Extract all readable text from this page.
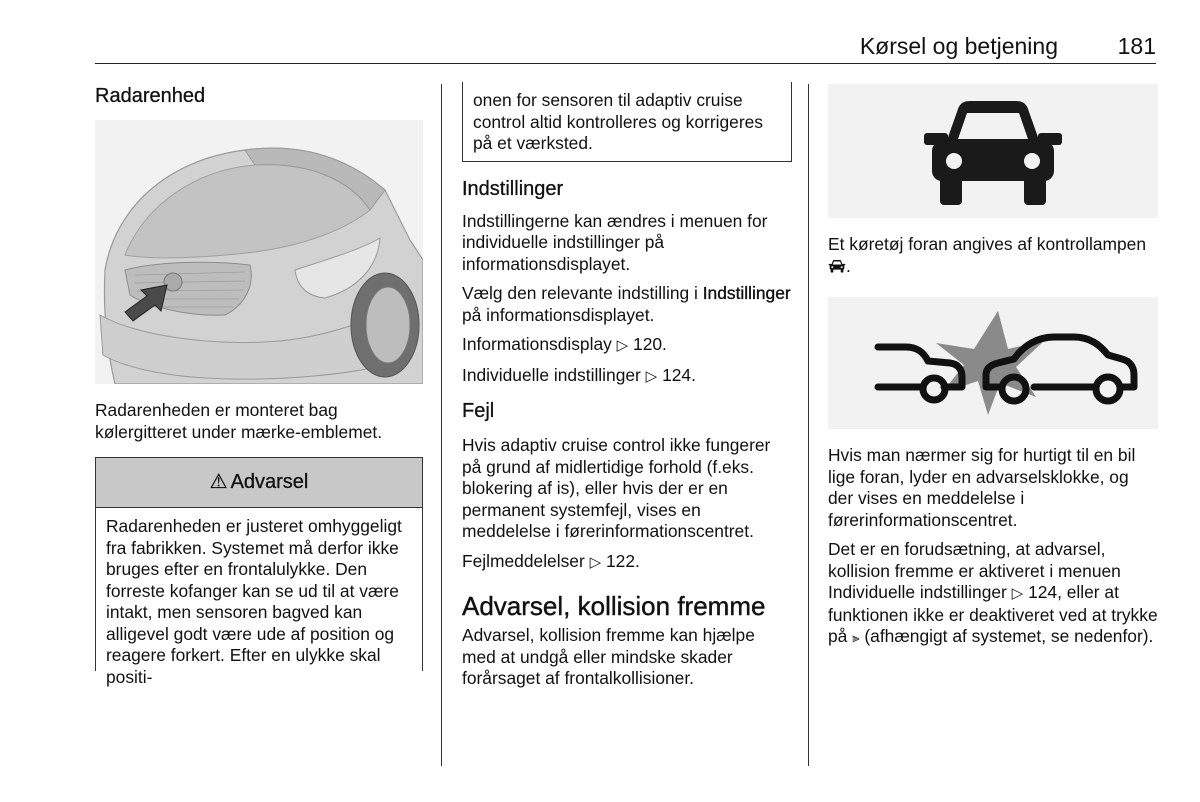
Kørsel og betjening	181
Radarenhed

Radarenheden er monteret bag kølergitteret under mærke-emblemet.

⚠ Advarsel
Radarenheden er justeret omhyggeligt fra fabrikken. Systemet må derfor ikke bruges efter en frontalulykke. Den forreste kofanger kan se ud til at være intakt, men sensoren bagved kan alligevel godt være ude af position og reagere forkert. Efter en ulykke skal positi-

onen for sensoren til adaptiv cruise control altid kontrolleres og korrigeres på et værksted.

Indstillinger

Indstillingerne kan ændres i menuen for individuelle indstillinger på informationsdisplayet.

Vælg den relevante indstilling i Indstillinger på informationsdisplayet.

Informationsdisplay ▷ 120.

Individuelle indstillinger ▷ 124.

Fejl

Hvis adaptiv cruise control ikke fungerer på grund af midlertidige forhold (f.eks. blokering af is), eller hvis der er en permanent systemfejl, vises en meddelelse i førerinformationscentret.

Fejlmeddelelser ▷ 122.

Advarsel, kollision fremme

Advarsel, kollision fremme kan hjælpe med at undgå eller mindske skader forårsaget af frontalkollisioner.

Et køretøj foran angives af kontrollampen .

Hvis man nærmer sig for hurtigt til en bil lige foran, lyder en advarselsklokke, og der vises en meddelelse i førerinformationscentret.

Det er en forudsætning, at advarsel, kollision fremme er aktiveret i menuen Individuelle indstillinger ▷ 124, eller at funktionen ikke er deaktiveret ved at trykke på ⫸ (afhængigt af systemet, se nedenfor).
